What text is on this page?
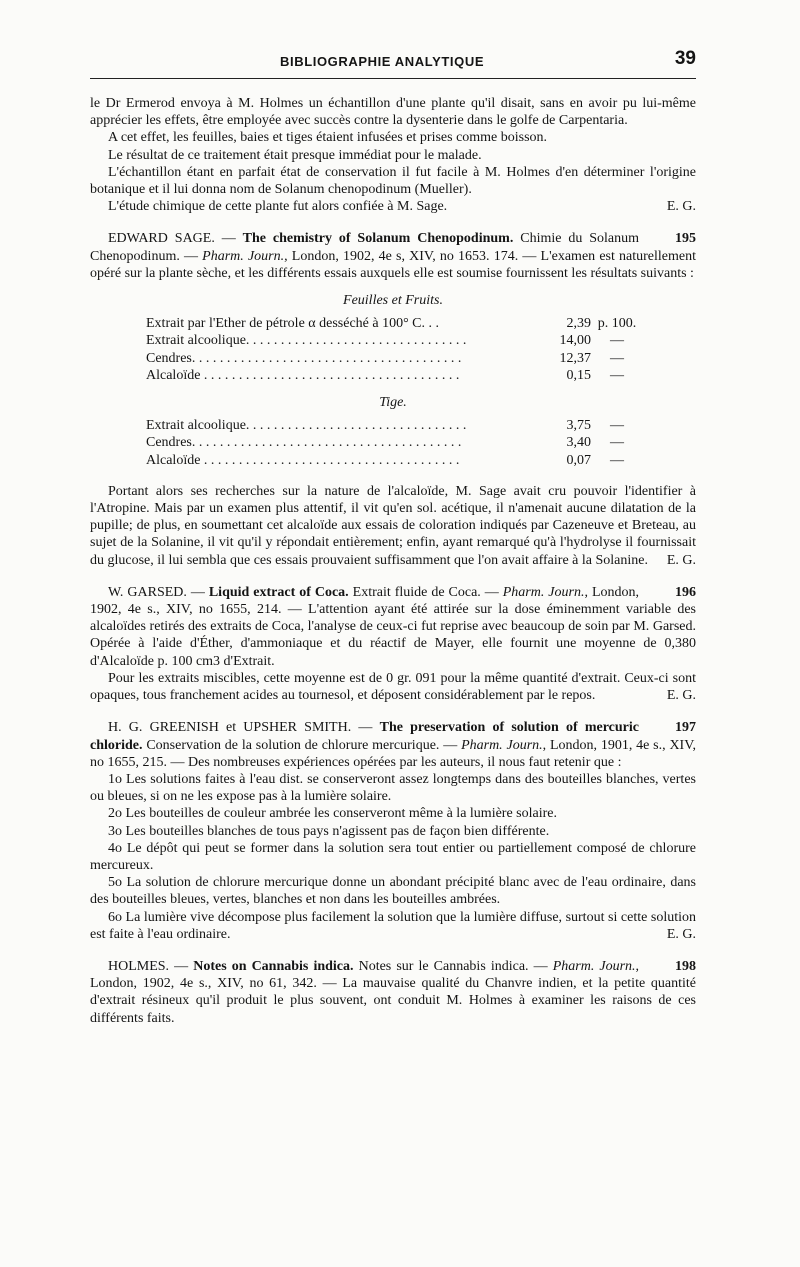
BIBLIOGRAPHIE ANALYTIQUE	39

le Dr Ermerod envoya à M. Holmes un échantillon d'une plante qu'il disait, sans en avoir pu lui-même apprécier les effets, être employée avec succès contre la dysenterie dans le golfe de Carpentaria.

A cet effet, les feuilles, baies et tiges étaient infusées et prises comme boisson.

Le résultat de ce traitement était presque immédiat pour le malade.

L'échantillon étant en parfait état de conservation il fut facile à M. Holmes d'en déterminer l'origine botanique et il lui donna nom de Solanum chenopodinum (Mueller).

L'étude chimique de cette plante fut alors confiée à M. Sage.	E. G.

195
EDWARD SAGE. — The chemistry of Solanum Chenopodinum. Chimie du Solanum Chenopodinum. — Pharm. Journ., London, 1902, 4e s, XIV, no 1653. 174. — L'examen est naturellement opéré sur la plante sèche, et les différents essais auxquels elle est soumise fournissent les résultats suivants :

Feuilles et Fruits.
Extrait par l'Ether de pétrole α desséché à 100° C. . .	2,39	p. 100.
Extrait alcoolique. . . . . . . . . . . . . . . . . . . . . . . . . . . . . . . .	14,00	—
Cendres. . . . . . . . . . . . . . . . . . . . . . . . . . . . . . . . . . . . . . .	12,37	—
Alcaloïde . . . . . . . . . . . . . . . . . . . . . . . . . . . . . . . . . . . . .	0,15	—
Tige.
Extrait alcoolique. . . . . . . . . . . . . . . . . . . . . . . . . . . . . . . .	3,75	—
Cendres. . . . . . . . . . . . . . . . . . . . . . . . . . . . . . . . . . . . . . .	3,40	—
Alcaloïde . . . . . . . . . . . . . . . . . . . . . . . . . . . . . . . . . . . . .	0,07	—

Portant alors ses recherches sur la nature de l'alcaloïde, M. Sage avait cru pouvoir l'identifier à l'Atropine. Mais par un examen plus attentif, il vit qu'en sol. acétique, il n'amenait aucune dilatation de la pupille; de plus, en soumettant cet alcaloïde aux essais de coloration indiqués par Cazeneuve et Breteau, au sujet de la Solanine, il vit qu'il y répondait entièrement; enfin, ayant remarqué qu'à l'hydrolyse il fournissait du glucose, il lui sembla que ces essais prouvaient suffisamment que l'on avait affaire à la Solanine.	E. G.

196
W. GARSED. — Liquid extract of Coca. Extrait fluide de Coca. — Pharm. Journ., London, 1902, 4e s., XIV, no 1655, 214. — L'attention ayant été attirée sur la dose éminemment variable des alcaloïdes retirés des extraits de Coca, l'analyse de ceux-ci fut reprise avec beaucoup de soin par M. Garsed. Opérée à l'aide d'Éther, d'ammoniaque et du réactif de Mayer, elle fournit une moyenne de 0,380 d'Alcaloïde p. 100 cm3 d'Extrait.

Pour les extraits miscibles, cette moyenne est de 0 gr. 091 pour la même quantité d'extrait. Ceux-ci sont opaques, tous franchement acides au tournesol, et déposent considérablement par le repos.	E. G.

197
H. G. GREENISH et UPSHER SMITH. — The preservation of solution of mercuric chloride. Conservation de la solution de chlorure mercurique. — Pharm. Journ., London, 1901, 4e s., XIV, no 1655, 215. — Des nombreuses expériences opérées par les auteurs, il nous faut retenir que :

1o Les solutions faites à l'eau dist. se conserveront assez longtemps dans des bouteilles blanches, vertes ou bleues, si on ne les expose pas à la lumière solaire.

2o Les bouteilles de couleur ambrée les conserveront même à la lumière solaire.

3o Les bouteilles blanches de tous pays n'agissent pas de façon bien différente.

4o Le dépôt qui peut se former dans la solution sera tout entier ou partiellement composé de chlorure mercureux.

5o La solution de chlorure mercurique donne un abondant précipité blanc avec de l'eau ordinaire, dans des bouteilles bleues, vertes, blanches et non dans les bouteilles ambrées.

6o La lumière vive décompose plus facilement la solution que la lumière diffuse, surtout si cette solution est faite à l'eau ordinaire.	E. G.

198
HOLMES. — Notes on Cannabis indica. Notes sur le Cannabis indica. — Pharm. Journ., London, 1902, 4e s., XIV, no 61, 342. — La mauvaise qualité du Chanvre indien, et la petite quantité d'extrait résineux qu'il produit le plus souvent, ont conduit M. Holmes à examiner les raisons de ces différents faits.
